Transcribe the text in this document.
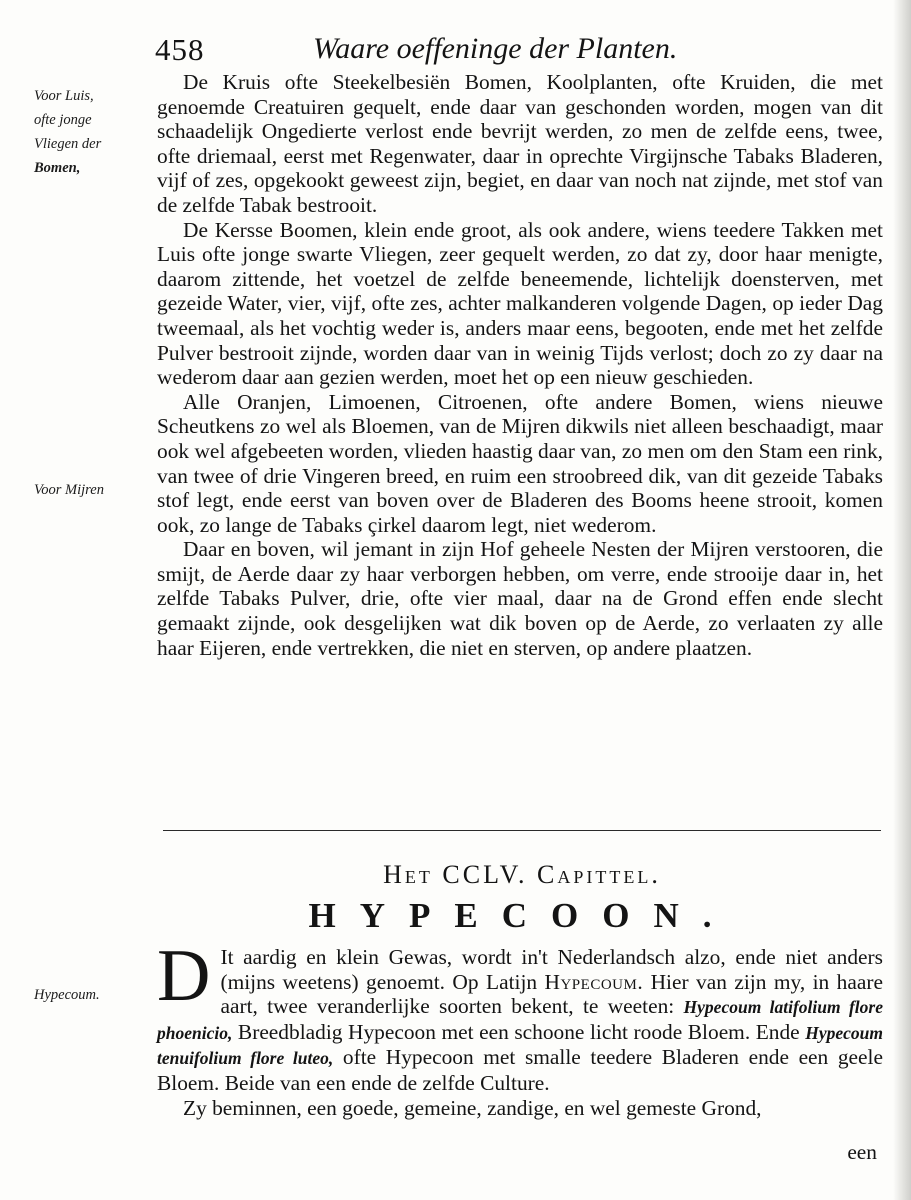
458	Waare oeffeninge der Planten.
Voor Luis,
ofte jonge
Vliegen der
Bomen,
Voor Mijren
Hypecoum.

De Kruis ofte Steekelbesiën Bomen, Koolplanten, ofte Kruiden, die met genoemde Creatuiren gequelt, ende daar van geschonden worden, mogen van dit schaadelijk Ongedierte verlost ende bevrijt werden, zo men de zelfde eens, twee, ofte driemaal, eerst met Regenwater, daar in oprechte Virgijnsche Tabaks Bladeren, vijf of zes, opgekookt geweest zijn, begiet, en daar van noch nat zijnde, met stof van de zelfde Tabak bestrooit.

De Kersse Boomen, klein ende groot, als ook andere, wiens teedere Takken met Luis ofte jonge swarte Vliegen, zeer gequelt werden, zo dat zy, door haar menigte, daarom zittende, het voetzel de zelfde beneemende, lichtelijk doensterven, met gezeide Water, vier, vijf, ofte zes, achter malkanderen volgende Dagen, op ieder Dag tweemaal, als het vochtig weder is, anders maar eens, begooten, ende met het zelfde Pulver bestrooit zijnde, worden daar van in weinig Tijds verlost; doch zo zy daar na wederom daar aan gezien werden, moet het op een nieuw geschieden.

Alle Oranjen, Limoenen, Citroenen, ofte andere Bomen, wiens nieuwe Scheutkens zo wel als Bloemen, van de Mijren dikwils niet alleen beschaadigt, maar ook wel afgebeeten worden, vlieden haastig daar van, zo men om den Stam een rink, van twee of drie Vingeren breed, en ruim een stroobreed dik, van dit gezeide Tabaks stof legt, ende eerst van boven over de Bladeren des Booms heene strooit, komen ook, zo lange de Tabaks çirkel daarom legt, niet wederom.

Daar en boven, wil jemant in zijn Hof geheele Nesten der Mijren verstooren, die smijt, de Aerde daar zy haar verborgen hebben, om verre, ende strooije daar in, het zelfde Tabaks Pulver, drie, ofte vier maal, daar na de Grond effen ende slecht gemaakt zijnde, ook desgelijken wat dik boven op de Aerde, zo verlaaten zy alle haar Eijeren, ende vertrekken, die niet en sterven, op andere plaatzen.

Het CCLV. Capittel.
HYPECOON.

D It aardig en klein Gewas, wordt in't Nederlandsch alzo, ende niet anders (mijns weetens) genoemt. Op Latijn Hypecoum. Hier van zijn my, in haare aart, twee veranderlijke soorten bekent, te weeten: Hypecoum latifolium flore phoenicio, Breedbladig Hypecoon met een schoone licht roode Bloem. Ende Hypecoum tenuifolium flore luteo, ofte Hypecoon met smalle teedere Bladeren ende een geele Bloem. Beide van een ende de zelfde Culture.

Zy beminnen, een goede, gemeine, zandige, en wel gemeste Grond,

een
